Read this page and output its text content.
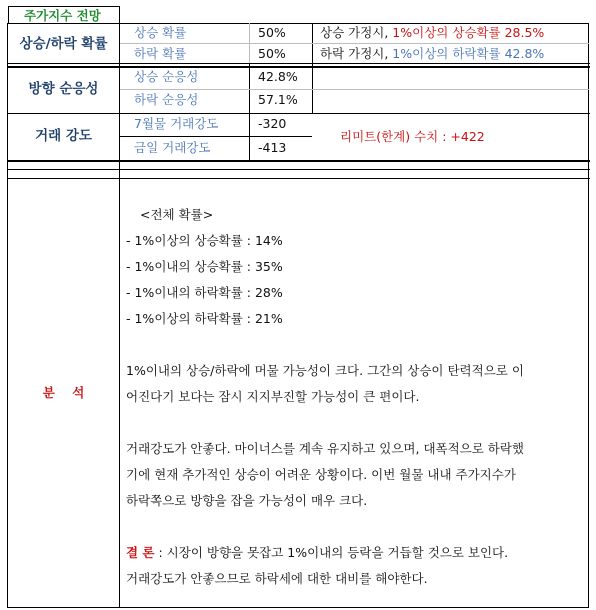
주가지수 전망
상승/하락 확률
상승 확률	50%	상승 가정시, 1%이상의 상승확률 28.5%
하락 확률	50%	하락 가정시, 1%이상의 하락확률 42.8%
방향 순응성
상승 순응성	42.8%
하락 순응성	57.1%
거래 강도
7월물 거래강도	-320
금일 거래강도	-413
리미트(한계) 수치 : +422
분    석

<전체 확률>

- 1%이상의 상승확률 : 14%

- 1%이내의 상승확률 : 35%

- 1%이내의 하락확률 : 28%

- 1%이상의 하락확률 : 21%

1%이내의 상승/하락에 머물 가능성이 크다. 그간의 상승이 탄력적으로 이

어진다기 보다는 잠시 지지부진할 가능성이 큰 편이다.

거래강도가 안좋다. 마이너스를 계속 유지하고 있으며, 대폭적으로 하락했

기에 현재 추가적인 상승이 어려운 상황이다. 이번 월물 내내 주가지수가

하락쪽으로 방향을 잡을 가능성이 매우 크다.

결 론 : 시장이 방향을 못잡고 1%이내의 등락을 거듭할 것으로 보인다.

거래강도가 안좋으므로 하락세에 대한 대비를 해야한다.
